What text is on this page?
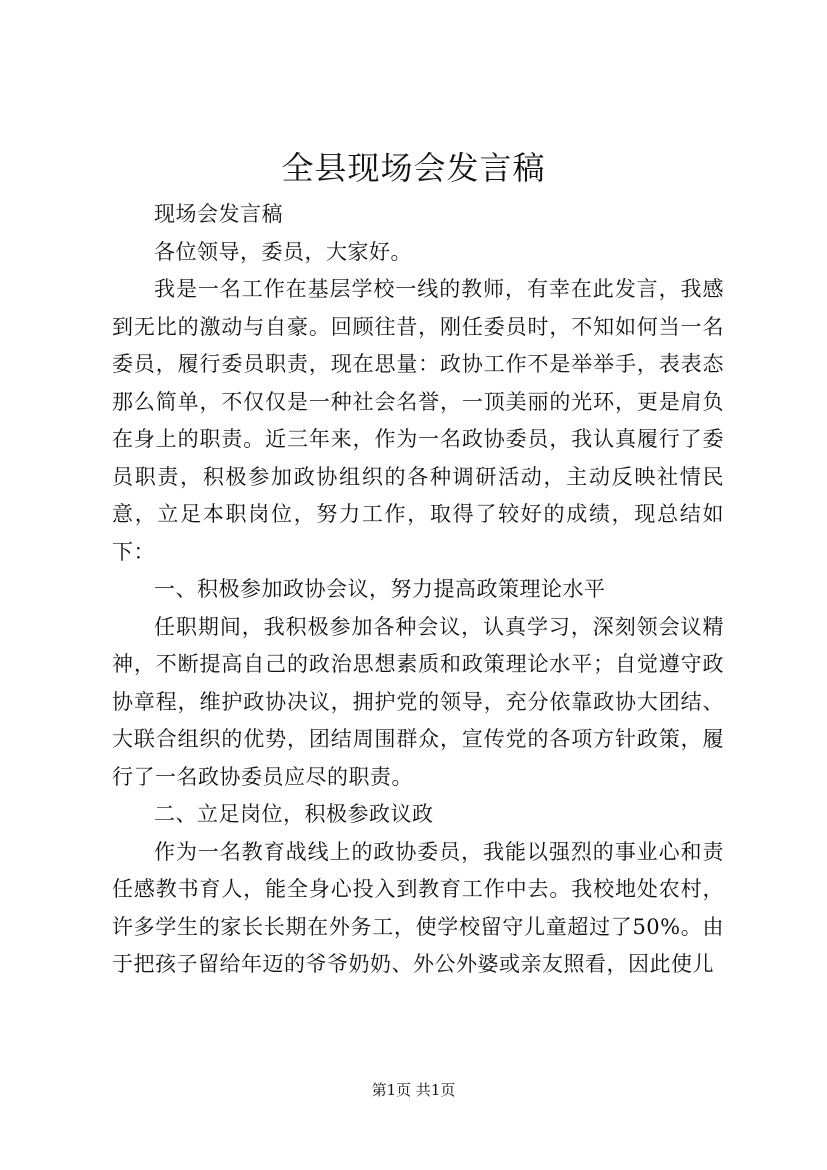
全县现场会发言稿

现场会发言稿

各位领导，委员，大家好。

我是一名工作在基层学校一线的教师，有幸在此发言，我感到无比的激动与自豪。回顾往昔，刚任委员时，不知如何当一名委员，履行委员职责，现在思量：政协工作不是举举手，表表态那么简单，不仅仅是一种社会名誉，一顶美丽的光环，更是肩负在身上的职责。近三年来，作为一名政协委员，我认真履行了委员职责，积极参加政协组织的各种调研活动，主动反映社情民意，立足本职岗位，努力工作，取得了较好的成绩，现总结如下：

一、积极参加政协会议，努力提高政策理论水平

任职期间，我积极参加各种会议，认真学习，深刻领会议精神，不断提高自己的政治思想素质和政策理论水平；自觉遵守政协章程，维护政协决议，拥护党的领导，充分依靠政协大团结、大联合组织的优势，团结周围群众，宣传党的各项方针政策，履行了一名政协委员应尽的职责。

二、立足岗位，积极参政议政

作为一名教育战线上的政协委员，我能以强烈的事业心和责任感教书育人，能全身心投入到教育工作中去。我校地处农村，许多学生的家长长期在外务工，使学校留守儿童超过了50%。由于把孩子留给年迈的爷爷奶奶、外公外婆或亲友照看，因此使儿

第1页 共1页
